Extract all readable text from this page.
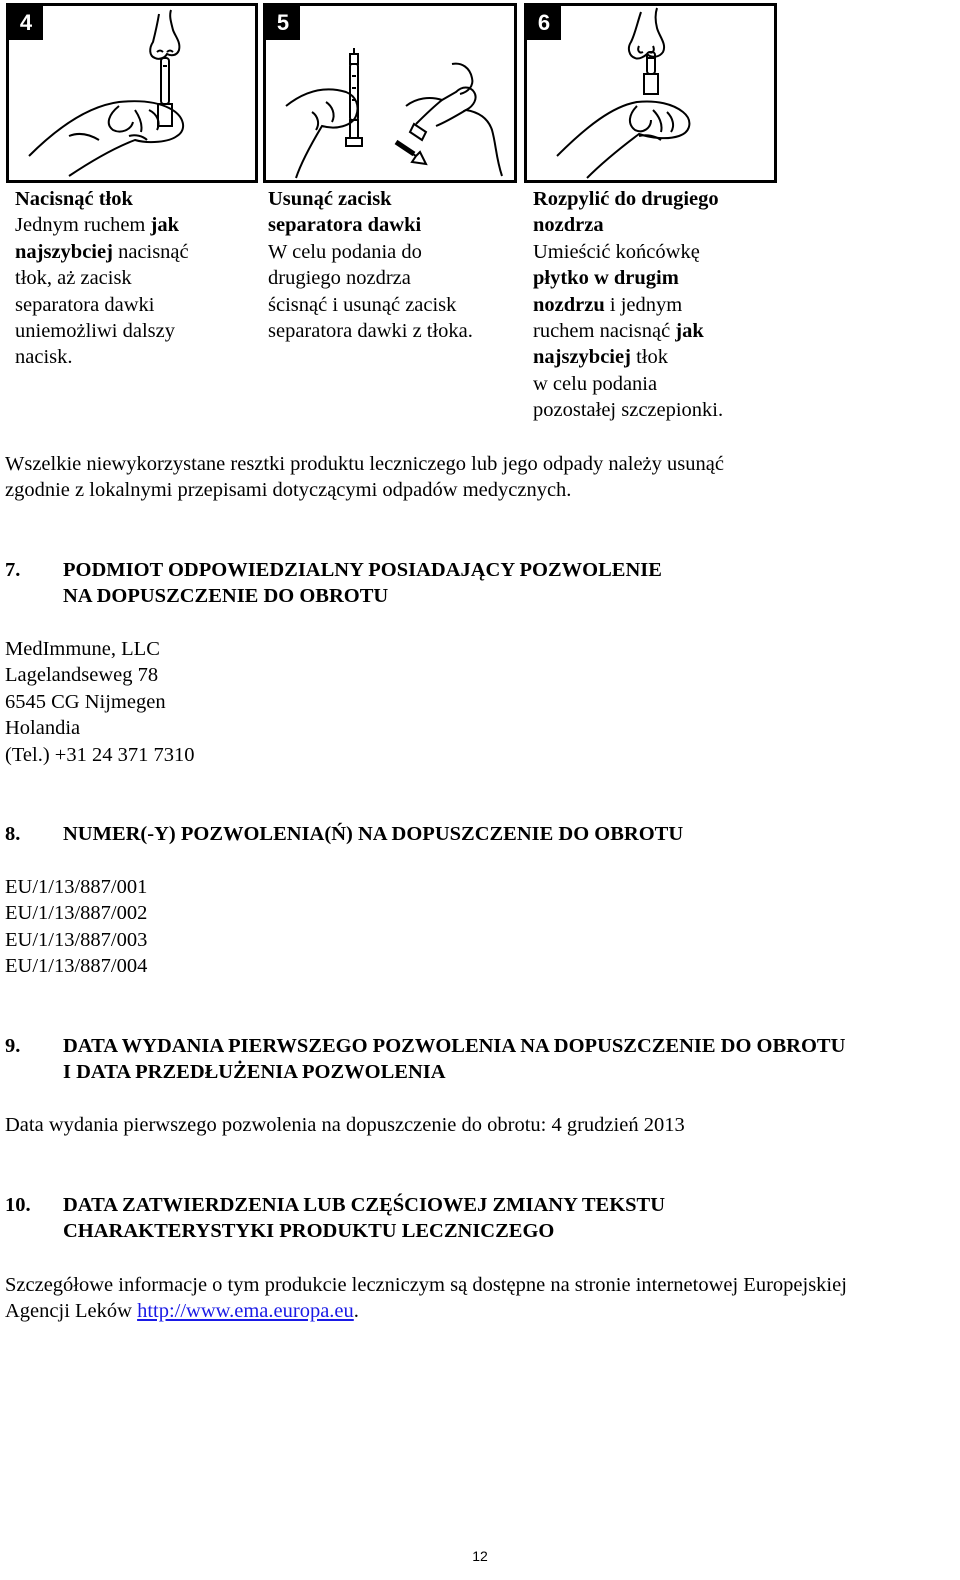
4	5	6
Nacisnąć tłok
Jednym ruchem jak
najszybciej nacisnąć
tłok, aż zacisk
separatora dawki
uniemożliwi dalszy
nacisk.
Usunąć zacisk
separatora dawki
W celu podania do
drugiego nozdrza
ścisnąć i usunąć zacisk
separatora dawki z tłoka.
Rozpylić do drugiego
nozdrza
Umieścić końcówkę
płytko w drugim
nozdrzu i jednym
ruchem nacisnąć jak
najszybciej tłok
w celu podania
pozostałej szczepionki.
Wszelkie niewykorzystane resztki produktu leczniczego lub jego odpady należy usunąć
zgodnie z lokalnymi przepisami dotyczącymi odpadów medycznych.
7. PODMIOT ODPOWIEDZIALNY POSIADAJĄCY POZWOLENIE
NA DOPUSZCZENIE DO OBROTU
MedImmune, LLC
Lagelandseweg 78
6545 CG Nijmegen
Holandia
(Tel.) +31 24 371 7310
8. NUMER(-Y) POZWOLENIA(Ń) NA DOPUSZCZENIE DO OBROTU
EU/1/13/887/001
EU/1/13/887/002
EU/1/13/887/003
EU/1/13/887/004
9. DATA WYDANIA PIERWSZEGO POZWOLENIA NA DOPUSZCZENIE DO OBROTU
I DATA PRZEDŁUŻENIA POZWOLENIA
Data wydania pierwszego pozwolenia na dopuszczenie do obrotu: 4 grudzień 2013
10. DATA ZATWIERDZENIA LUB CZĘŚCIOWEJ ZMIANY TEKSTU
CHARAKTERYSTYKI PRODUKTU LECZNICZEGO
Szczegółowe informacje o tym produkcie leczniczym są dostępne na stronie internetowej Europejskiej
Agencji Leków http://www.ema.europa.eu.
12
